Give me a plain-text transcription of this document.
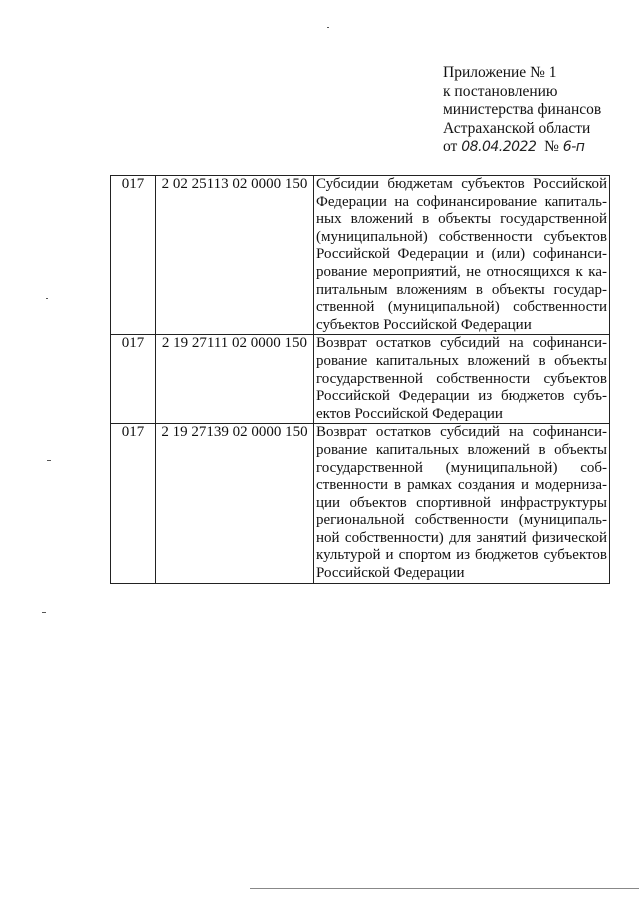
Приложение № 1
к постановлению
министерства финансов
Астраханской области
от 08.04.2022 № 6-п
017	2 02 25113 02 0000 150	Субсидии бюджетам субъектов Российской Федерации на софинансирование капитальных вложений в объекты государственной (муниципальной) собственности субъектов Российской Федерации и (или) софинансирование мероприятий, не относящихся к капитальным вложениям в объекты государственной (муниципальной) собственности субъектов Российской Федерации
017	2 19 27111 02 0000 150	Возврат остатков субсидий на софинансирование капитальных вложений в объекты государственной собственности субъектов Российской Федерации из бюджетов субъектов Российской Федерации
017	2 19 27139 02 0000 150	Возврат остатков субсидий на софинансирование капитальных вложений в объекты государственной (муниципальной) собственности в рамках создания и модернизации объектов спортивной инфраструктуры региональной собственности (муниципальной собственности) для занятий физической культурой и спортом из бюджетов субъектов Российской Федерации
